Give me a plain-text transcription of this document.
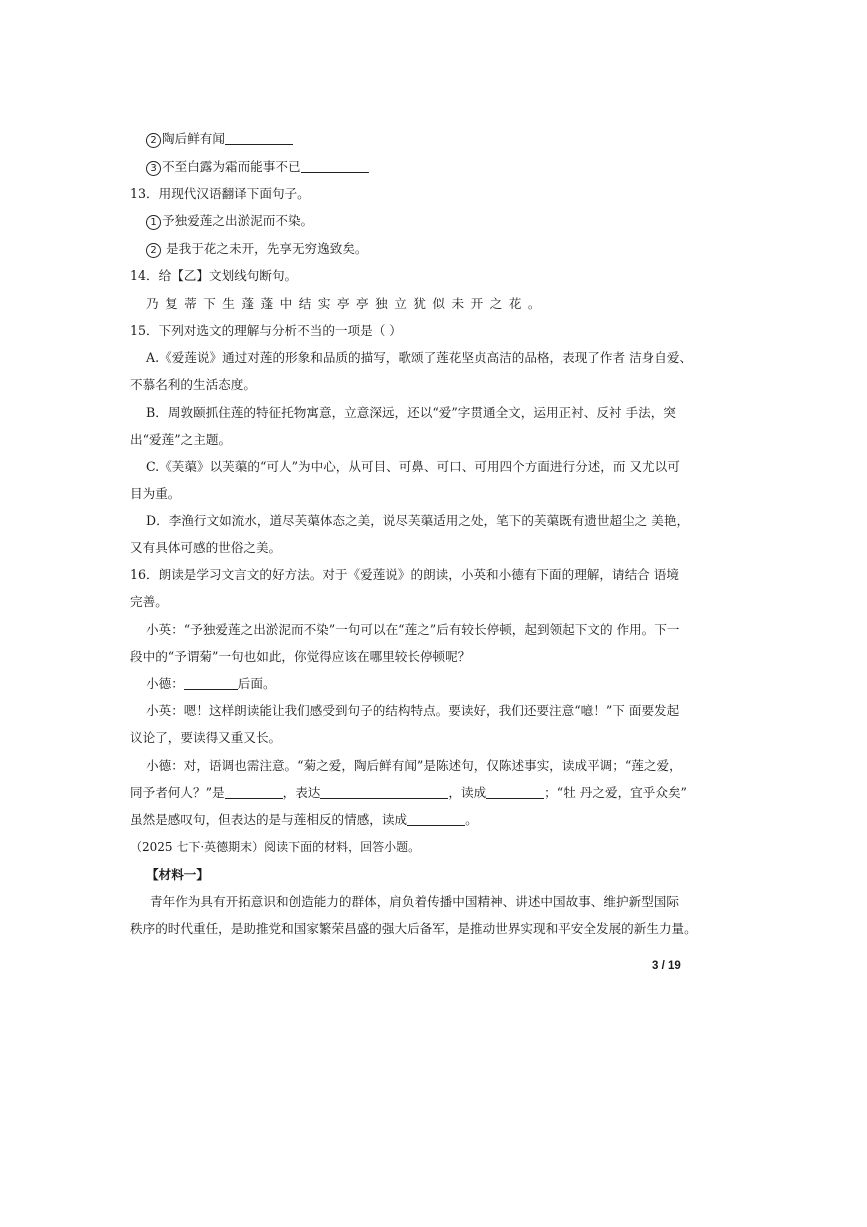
2 陶后鲜有闻
3 不至白露为霜而能事不已
13．用现代汉语翻译下面句子。
1 予独爱莲之出淤泥而不染。
2 是我于花之未开，先享无穷逸致矣。
14．给【乙】文划线句断句。
乃 复 蒂 下 生 蓬 蓬 中 结 实 亭 亭 独 立 犹 似 未 开 之 花 。
15．下列对选文的理解与分析不当的一项是（ ）
A.《爱莲说》通过对莲的形象和品质的描写，歌颂了莲花坚贞高洁的品格，表现了作者 洁身自爱、
不慕名利的生活态度。
B．周敦颐抓住莲的特征托物寓意，立意深远，还以“爱”字贯通全文，运用正衬、反衬 手法，突
出“爱莲”之主题。
C.《芙蕖》以芙蕖的“可人”为中心，从可目、可鼻、可口、可用四个方面进行分述，而 又尤以可
目为重。
D．李渔行文如流水，道尽芙蕖体态之美，说尽芙蕖适用之处，笔下的芙蕖既有遗世超尘之 美艳，
又有具体可感的世俗之美。
16．朗读是学习文言文的好方法。对于《爱莲说》的朗读，小英和小德有下面的理解，请结合 语境
完善。
小英：“予独爱莲之出淤泥而不染”一句可以在“莲之”后有较长停顿，起到领起下文的 作用。下一
段中的“予谓菊”一句也如此，你觉得应该在哪里较长停顿呢？
小德：	后面。
小英：嗯！这样朗读能让我们感受到句子的结构特点。要读好，我们还要注意“噫！”下 面要发起
议论了，要读得又重又长。
小德：对，语调也需注意。“菊之爱，陶后鲜有闻”是陈述句，仅陈述事实，读成平调；“莲之爱，
同予者何人？”是	，表达	，读成	；“牡 丹之爱，宜乎众矣”
虽然是感叹句，但表达的是与莲相反的情感，读成	。
（2025 七下·英德期末）阅读下面的材料，回答小题。
【材料一】
青年作为具有开拓意识和创造能力的群体，肩负着传播中国精神、讲述中国故事、维护新型国际
秩序的时代重任，是助推党和国家繁荣昌盛的强大后备军，是推动世界实现和平安全发展的新生力量。
3 / 19
